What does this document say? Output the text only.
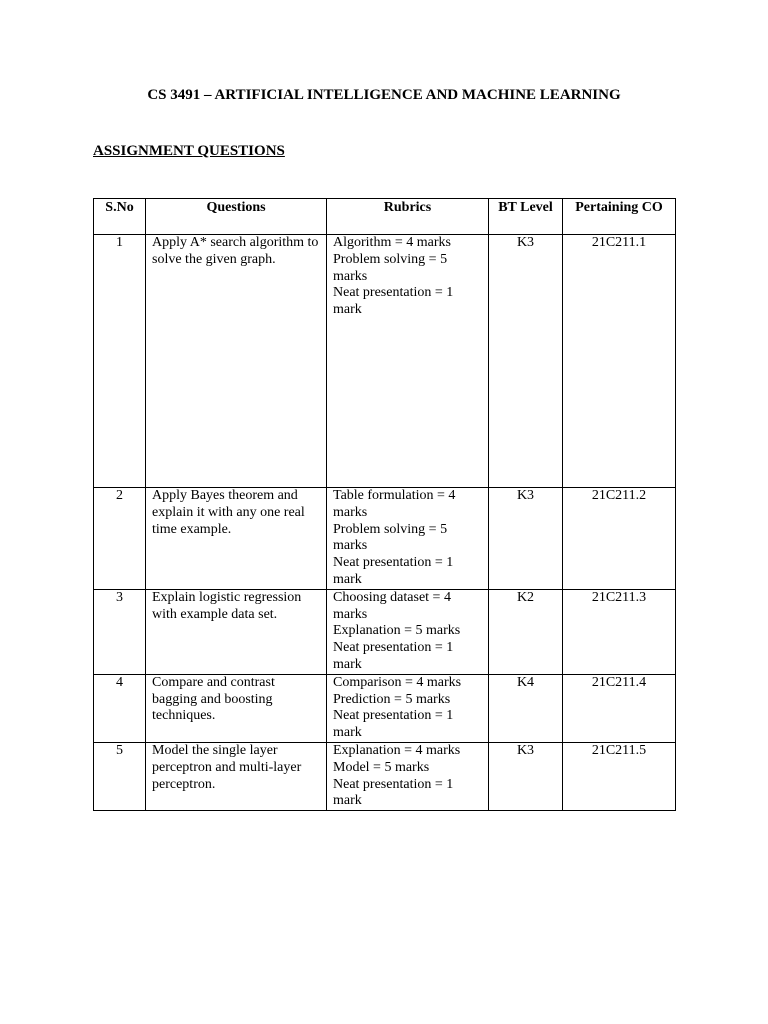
CS 3491 – ARTIFICIAL INTELLIGENCE AND MACHINE LEARNING
ASSIGNMENT QUESTIONS
S.No	Questions	Rubrics	BT Level	Pertaining CO
1	Apply A* search algorithm to solve the given graph.	Algorithm = 4 marks
Problem solving = 5 marks
Neat presentation = 1 mark	K3	21C211.1
2	Apply Bayes theorem and explain it with any one real time example.	Table formulation = 4 marks
Problem solving = 5 marks
Neat presentation = 1 mark	K3	21C211.2
3	Explain logistic regression with example data set.	Choosing dataset = 4 marks
Explanation = 5 marks
Neat presentation = 1 mark	K2	21C211.3
4	Compare and contrast bagging and boosting techniques.	Comparison = 4 marks
Prediction = 5 marks
Neat presentation = 1 mark	K4	21C211.4
5	Model the single layer perceptron and multi-layer perceptron.	Explanation = 4 marks
Model = 5 marks
Neat presentation = 1 mark	K3	21C211.5
